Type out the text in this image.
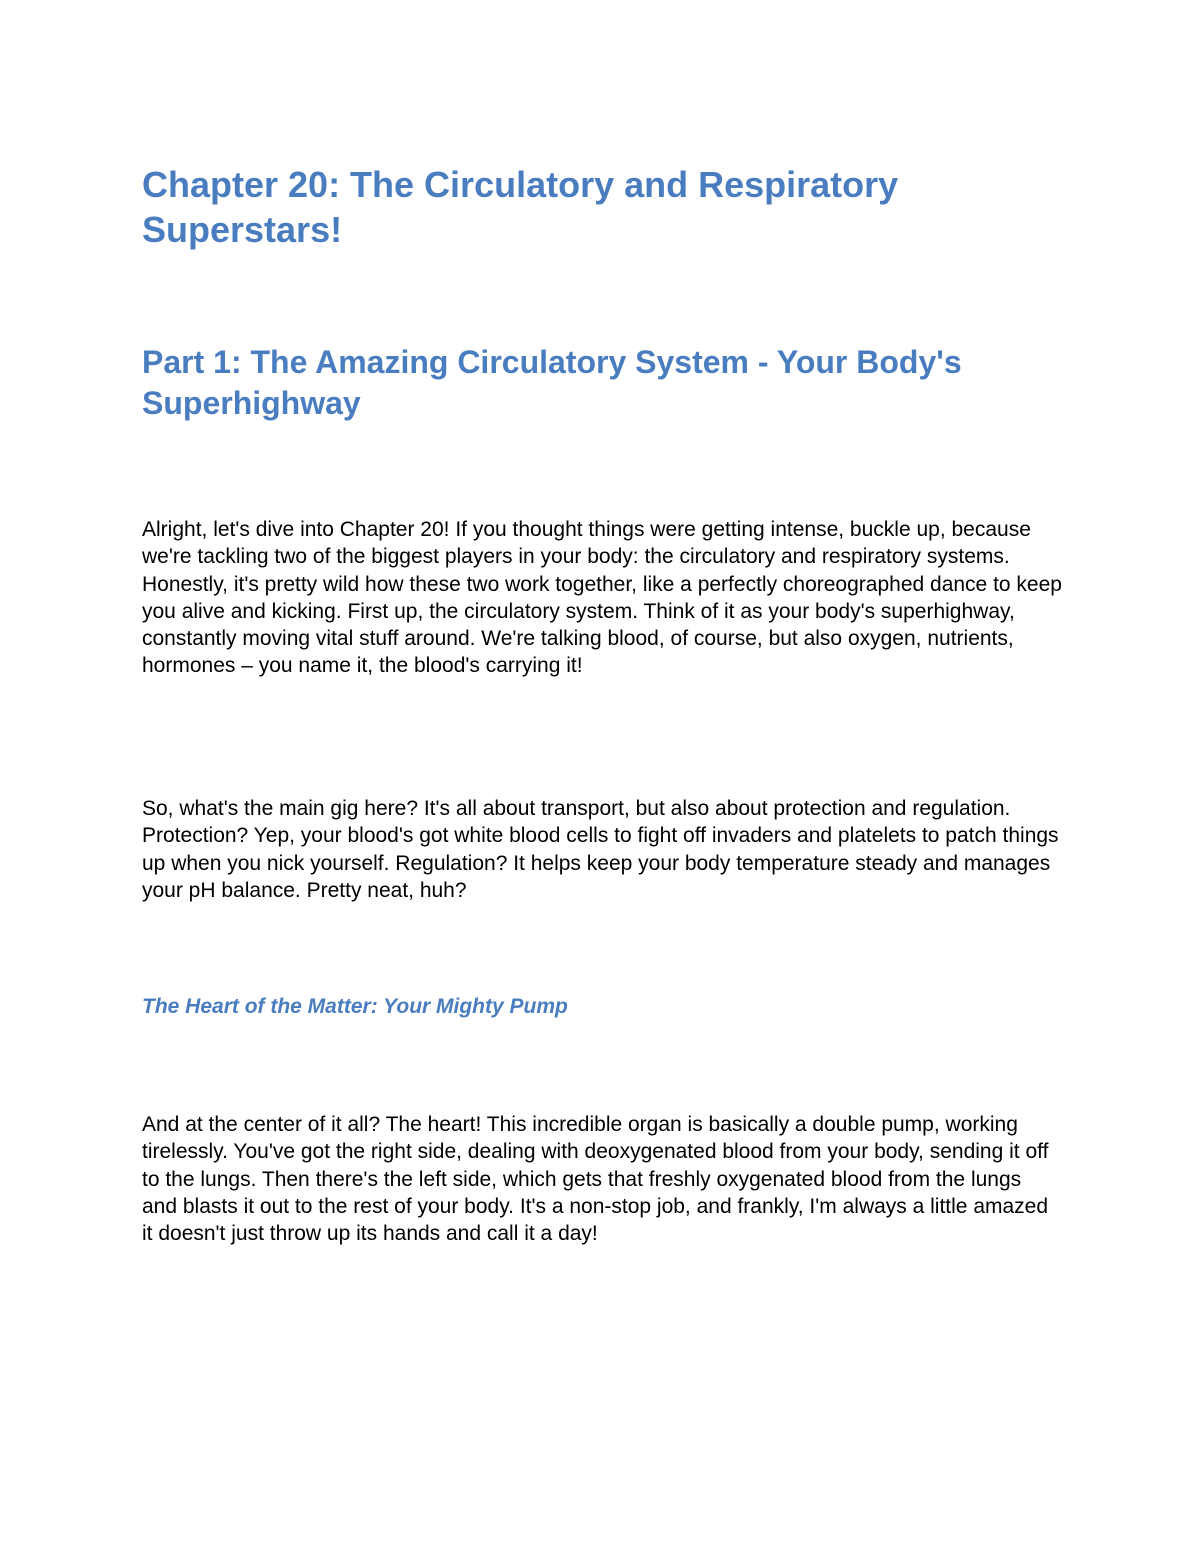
Chapter 20: The Circulatory and Respiratory Superstars!
Part 1: The Amazing Circulatory System - Your Body's Superhighway

Alright, let's dive into Chapter 20! If you thought things were getting intense, buckle up, because we're tackling two of the biggest players in your body: the circulatory and respiratory systems. Honestly, it's pretty wild how these two work together, like a perfectly choreographed dance to keep you alive and kicking. First up, the circulatory system. Think of it as your body's superhighway, constantly moving vital stuff around. We're talking blood, of course, but also oxygen, nutrients, hormones – you name it, the blood's carrying it!

So, what's the main gig here? It's all about transport, but also about protection and regulation. Protection? Yep, your blood's got white blood cells to fight off invaders and platelets to patch things up when you nick yourself. Regulation? It helps keep your body temperature steady and manages your pH balance. Pretty neat, huh?

The Heart of the Matter: Your Mighty Pump

And at the center of it all? The heart! This incredible organ is basically a double pump, working tirelessly. You've got the right side, dealing with deoxygenated blood from your body, sending it off to the lungs. Then there's the left side, which gets that freshly oxygenated blood from the lungs and blasts it out to the rest of your body. It's a non-stop job, and frankly, I'm always a little amazed it doesn't just throw up its hands and call it a day!
